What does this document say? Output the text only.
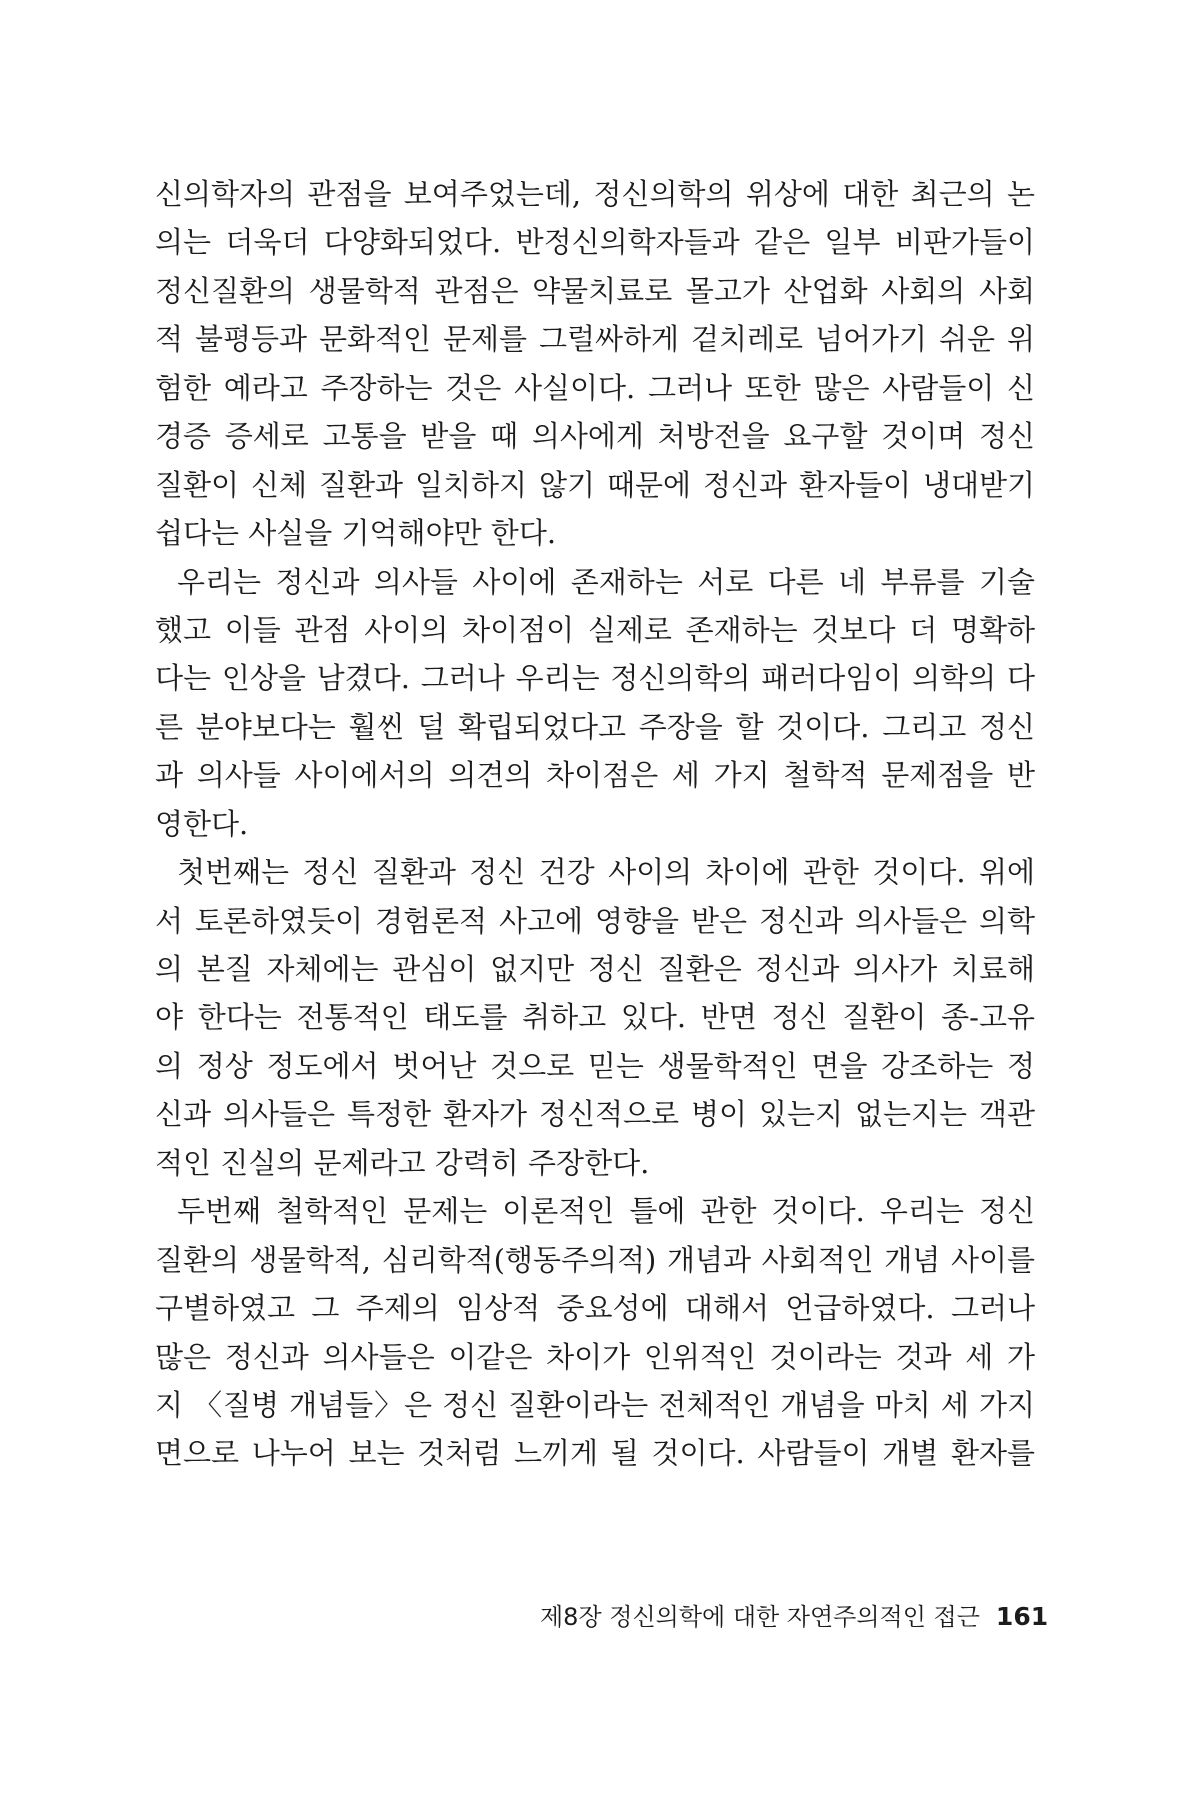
신의학자의 관점을 보여주었는데, 정신의학의 위상에 대한 최근의 논
의는 더욱더 다양화되었다. 반정신의학자들과 같은 일부 비판가들이
정신질환의 생물학적 관점은 약물치료로 몰고가 산업화 사회의 사회
적 불평등과 문화적인 문제를 그럴싸하게 겉치레로 넘어가기 쉬운 위
험한 예라고 주장하는 것은 사실이다. 그러나 또한 많은 사람들이 신
경증 증세로 고통을 받을 때 의사에게 처방전을 요구할 것이며 정신
질환이 신체 질환과 일치하지 않기 때문에 정신과 환자들이 냉대받기
쉽다는 사실을 기억해야만 한다.
우리는 정신과 의사들 사이에 존재하는 서로 다른 네 부류를 기술
했고 이들 관점 사이의 차이점이 실제로 존재하는 것보다 더 명확하
다는 인상을 남겼다. 그러나 우리는 정신의학의 패러다임이 의학의 다
른 분야보다는 훨씬 덜 확립되었다고 주장을 할 것이다. 그리고 정신
과 의사들 사이에서의 의견의 차이점은 세 가지 철학적 문제점을 반
영한다.
첫번째는 정신 질환과 정신 건강 사이의 차이에 관한 것이다. 위에
서 토론하였듯이 경험론적 사고에 영향을 받은 정신과 의사들은 의학
의 본질 자체에는 관심이 없지만 정신 질환은 정신과 의사가 치료해
야 한다는 전통적인 태도를 취하고 있다. 반면 정신 질환이 종-고유
의 정상 정도에서 벗어난 것으로 믿는 생물학적인 면을 강조하는 정
신과 의사들은 특정한 환자가 정신적으로 병이 있는지 없는지는 객관
적인 진실의 문제라고 강력히 주장한다.
두번째 철학적인 문제는 이론적인 틀에 관한 것이다. 우리는 정신
질환의 생물학적, 심리학적(행동주의적) 개념과 사회적인 개념 사이를
구별하였고 그 주제의 임상적 중요성에 대해서 언급하였다. 그러나
많은 정신과 의사들은 이같은 차이가 인위적인 것이라는 것과 세 가
지 〈질병 개념들〉은 정신 질환이라는 전체적인 개념을 마치 세 가지
면으로 나누어 보는 것처럼 느끼게 될 것이다. 사람들이 개별 환자를
제8장 정신의학에 대한 자연주의적인 접근 161
